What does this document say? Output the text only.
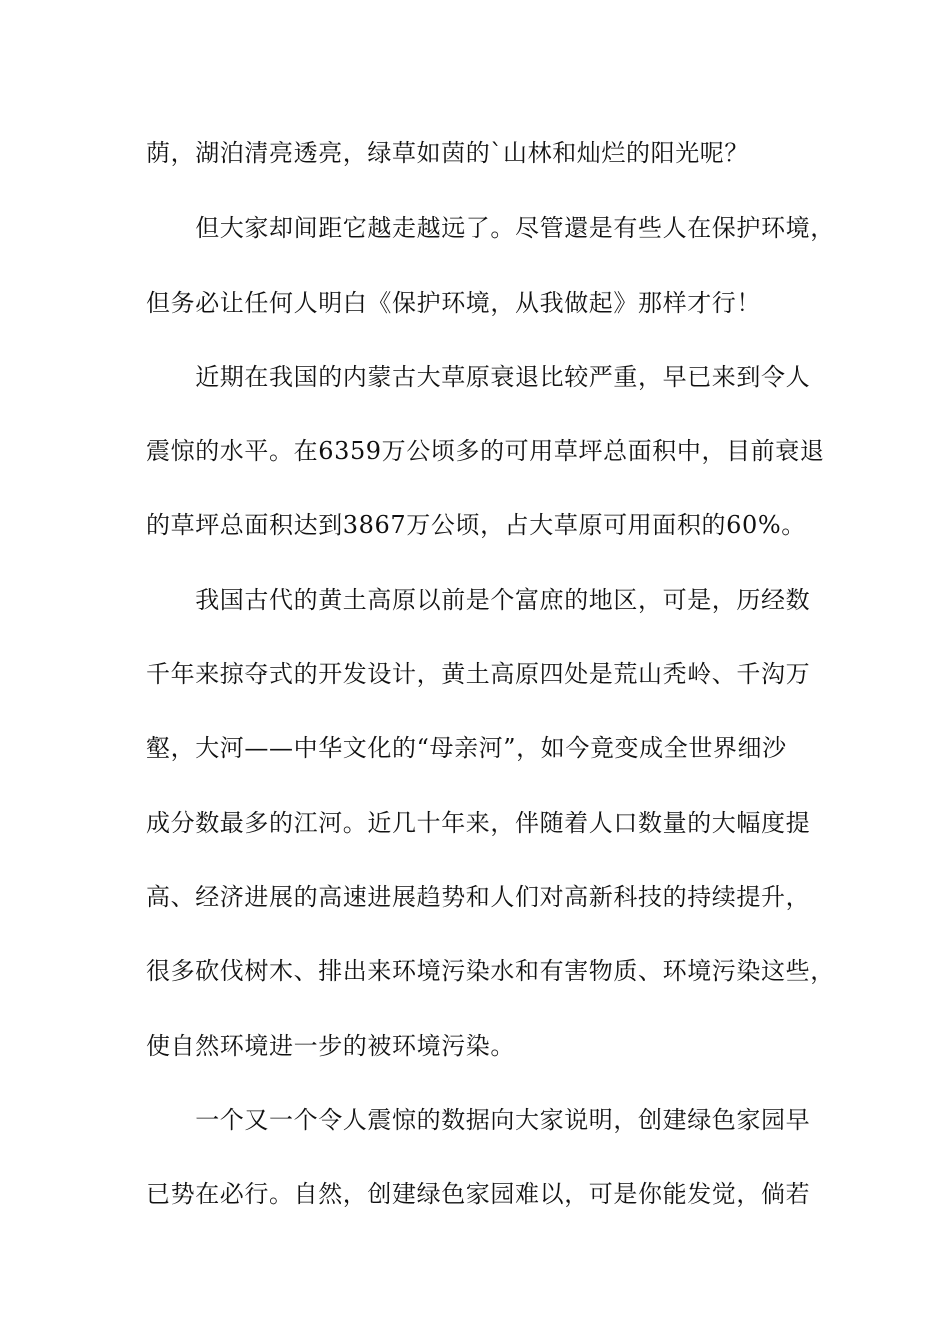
荫，湖泊清亮透亮，绿草如茵的`山林和灿烂的阳光呢？
　　但大家却间距它越走越远了。尽管還是有些人在保护环境，
但务必让任何人明白《保护环境，从我做起》那样才行！
　　近期在我国的内蒙古大草原衰退比较严重，早已来到令人
震惊的水平。在6359万公顷多的可用草坪总面积中，目前衰退
的草坪总面积达到3867万公顷，占大草原可用面积的60%。
　　我国古代的黄土高原以前是个富庶的地区，可是，历经数
千年来掠夺式的开发设计，黄土高原四处是荒山秃岭、千沟万
壑，大河——中华文化的“母亲河”，如今竟变成全世界细沙
成分数最多的江河。近几十年来，伴随着人口数量的大幅度提
高、经济进展的高速进展趋势和人们对高新科技的持续提升，
很多砍伐树木、排出来环境污染水和有害物质、环境污染这些，
使自然环境进一步的被环境污染。
　　一个又一个令人震惊的数据向大家说明，创建绿色家园早
已势在必行。自然，创建绿色家园难以，可是你能发觉，倘若
